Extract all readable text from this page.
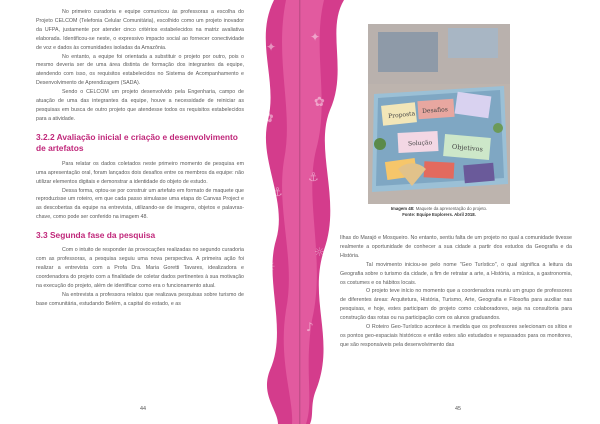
No primeiro curadoria e equipe comunicou às professoras a escolha do Projeto CELCOM (Telefonia Celular Comunitária), escolhido como um projeto inovador da UFPA, justamente por atender cinco critérios estabelecidos na matriz avaliativa elaborada. Identificou-se neste, o expressivo impacto social ao fornecer conectividade de voz e dados às comunidades isoladas da Amazônia.

No entanto, a equipe foi orientada a substituir o projeto por outro, pois o mesmo deveria ser de uma área distinta de formação dos integrantes da equipe, atendendo com isso, os requisitos estabelecidos no Sistema de Acompanhamento e Desenvolvimento de Aprendizagem (SADA).

Sendo o CELCOM um projeto desenvolvido pela Engenharia, campo de atuação de uma das integrantes da equipe, houve a necessidade de reiniciar as pesquisas em busca de outro projeto que atendesse todos os requisitos estabelecidos para a atividade.

3.2.2 Avaliação inicial e criação e desenvolvimento de artefatos

Para relatar os dados coletados neste primeiro momento de pesquisa em uma apresentação oral, foram lançados dois desafios entre os membros da equipe: não utilizar elementos digitais e demonstrar a identidade do objeto de estudo.

Dessa forma, optou-se por construir um artefato em formato de maquete que reproduzisse um roteiro, em que cada passo simulasse uma etapa do Canvas Project e as descobertas da equipe na entrevista, utilizando-se de imagens, objetos e palavras-chave, como pode ser conferido na imagem 48.

3.3 Segunda fase da pesquisa

Com o intuito de responder às provocações realizadas no segundo curadoria com as professoras, a pesquisa seguiu uma nova perspectiva. A primeira ação foi realizar a entrevista com a Profa Dra. Maria Goretti Tavares, idealizadora e coordenadora do projeto com a finalidade de coletar dados pertinentes à sua motivação na execução do projeto, além de identificar como era o funcionamento atual.

Na entrevista a professora relatou que realizava pesquisas sobre turismo de base comunitária, estudando Belém, a capital do estado, e as

✦
✿
⚓
☼
♪
44
✦
✿
⚓
☼
♪
Proposta Desafios
Solução	Objetivos
Imagem 48: Maquete da apresentação do projeto.
Fonte: Equipe Explorers. Abril 2018.

Ilhas do Marajó e Mosqueiro. No entanto, sentiu falta de um projeto no qual a comunidade tivesse realmente a oportunidade de conhecer a sua cidade a partir dos estudos da Geografia e da História.

Tal movimento iniciou-se pelo nome "Geo Turístico", o qual significa a leitura da Geografia sobre o turismo da cidade, a fim de retratar a arte, a História, a música, a gastronomia, os costumes e os hábitos locais.

O projeto teve início no momento que a coordenadora reuniu um grupo de professores de diferentes áreas: Arquitetura, História, Turismo, Arte, Geografia e Filosofia para auxiliar nas pesquisas, e hoje, estes participam do projeto como colaboradores, seja na consultoria para construção das rotas ou na participação com os alunos graduandos.

O Roteiro Geo-Turístico acontece à medida que os professores selecionam os sítios e os pontos geo-espaciais históricos e então estes são estudados e repassados para os monitores, que são responsáveis pela desenvolvimento das

45
